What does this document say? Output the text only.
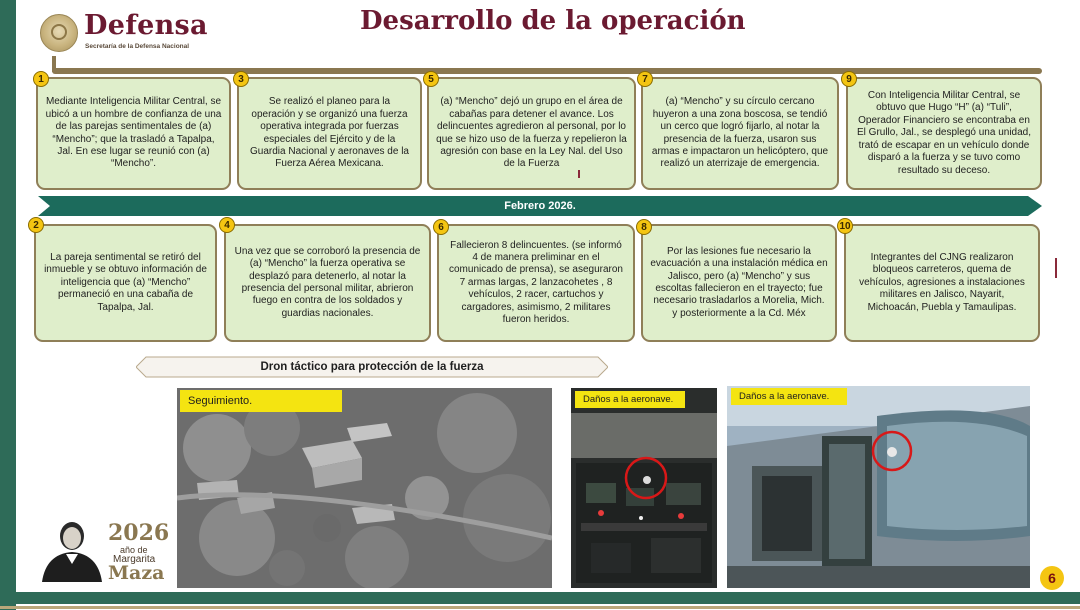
Defensa
Secretaría de la Defensa Nacional
Desarrollo de la operación
Mediante Inteligencia Militar Central, se ubicó a un hombre de confianza de una de las parejas sentimentales de (a) “Mencho”; que la trasladó a Tapalpa, Jal. En ese lugar se reunió con (a) “Mencho”.
1
Se realizó el planeo para la operación y se organizó una fuerza operativa integrada por fuerzas especiales del Ejército y de la Guardia Nacional y aeronaves de la Fuerza Aérea Mexicana.
3
(a) “Mencho” dejó un grupo en el área de cabañas para detener el avance. Los delincuentes agredieron al personal, por lo que se hizo uso de la fuerza y repelieron la agresión con base en la Ley Nal. del Uso de la Fuerza
5
(a) “Mencho” y su círculo cercano huyeron a una zona boscosa, se tendió un cerco que logró fijarlo, al notar la presencia de la fuerza, usaron sus armas e impactaron un helicóptero, que realizó un aterrizaje de emergencia.
7
Con Inteligencia Militar Central, se obtuvo que Hugo “H” (a) “Tuli”, Operador Financiero se encontraba en El Grullo, Jal., se desplegó una unidad, trató de escapar en un vehículo donde disparó a la fuerza y se tuvo como resultado su deceso.
9
Febrero 2026.
La pareja sentimental se retiró del inmueble y se obtuvo información de inteligencia que (a) “Mencho” permaneció en una cabaña de Tapalpa, Jal.
2
Una vez que se corroboró la presencia de (a) “Mencho” la fuerza operativa se desplazó para detenerlo, al notar la presencia del personal militar, abrieron fuego en contra de los soldados y guardias nacionales.
4
Fallecieron 8 delincuentes. (se informó 4 de manera preliminar en el comunicado de prensa), se aseguraron 7 armas largas, 2 lanzacohetes , 8 vehículos, 2 racer, cartuchos y cargadores, asimismo, 2 militares fueron heridos.
6
Por las lesiones fue necesario la evacuación a una instalación médica en Jalisco, pero (a) “Mencho” y sus escoltas fallecieron en el trayecto; fue necesario trasladarlos a Morelia, Mich. y posteriormente a la Cd. Méx
8
Integrantes del CJNG realizaron bloqueos carreteros, quema de vehículos, agresiones a instalaciones militares en Jalisco, Nayarit, Michoacán, Puebla y Tamaulipas.
10
Dron táctico para protección de la fuerza
Seguimiento.	Daños a la aeronave.	Daños a la aeronave.
2026
año de
Margarita
Maza	6
